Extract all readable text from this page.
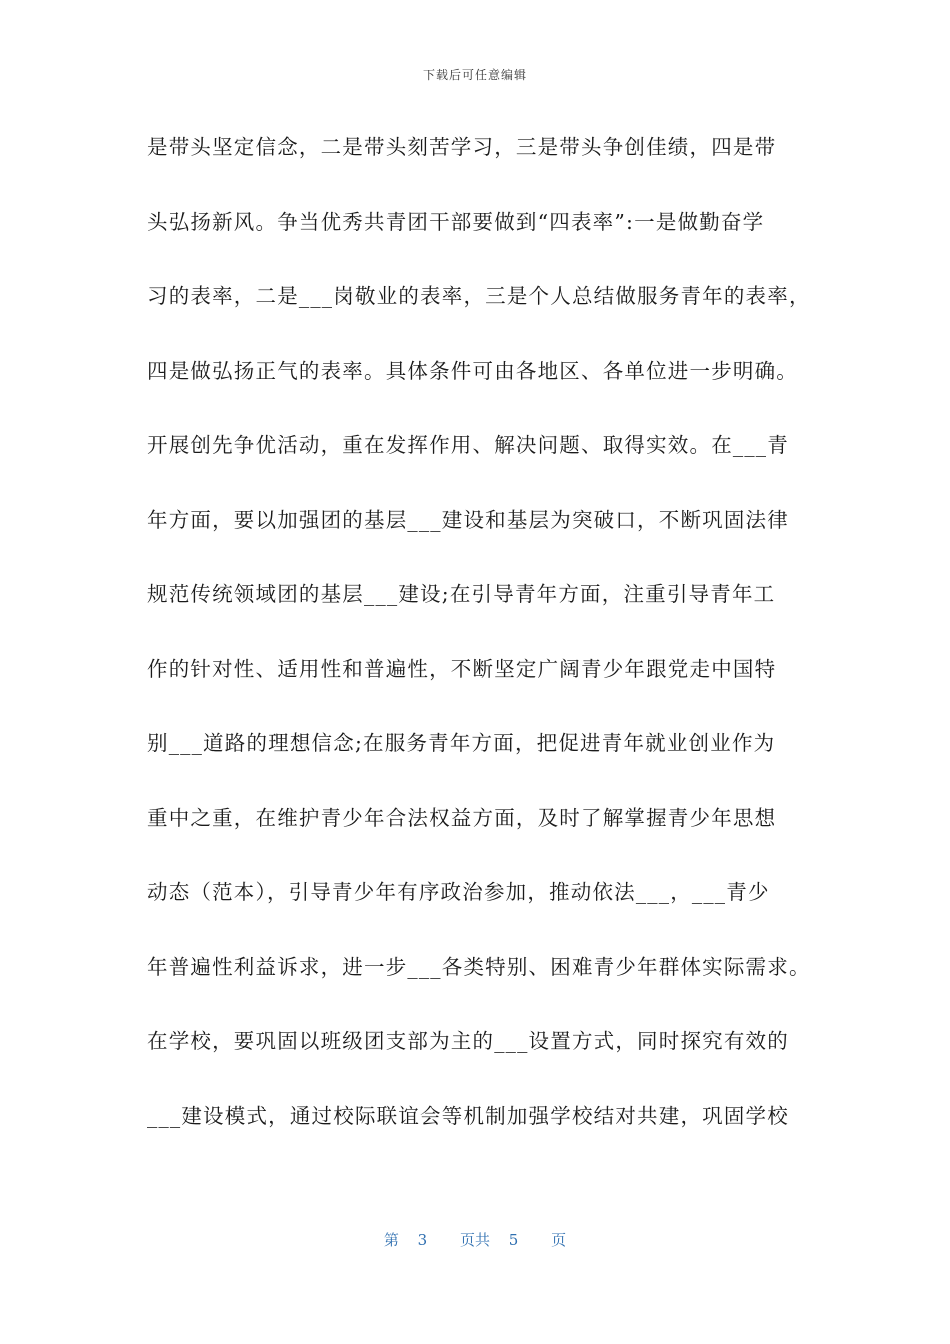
下载后可任意编辑
是带头坚定信念，二是带头刻苦学习，三是带头争创佳绩，四是带
头弘扬新风。争当优秀共青团干部要做到“四表率”:一是做勤奋学
习的表率，二是___岗敬业的表率，三是个人总结做服务青年的表率，
四是做弘扬正气的表率。具体条件可由各地区、各单位进一步明确。
开展创先争优活动，重在发挥作用、解决问题、取得实效。在___青
年方面，要以加强团的基层___建设和基层为突破口，不断巩固法律
规范传统领域团的基层___建设;在引导青年方面，注重引导青年工
作的针对性、适用性和普遍性，不断坚定广阔青少年跟党走中国特
别___道路的理想信念;在服务青年方面，把促进青年就业创业作为
重中之重，在维护青少年合法权益方面，及时了解掌握青少年思想
动态（范本），引导青少年有序政治参加，推动依法___，___青少
年普遍性利益诉求，进一步___各类特别、困难青少年群体实际需求。
在学校，要巩固以班级团支部为主的___设置方式，同时探究有效的
___建设模式，通过校际联谊会等机制加强学校结对共建，巩固学校
第 3 页共 5 页
